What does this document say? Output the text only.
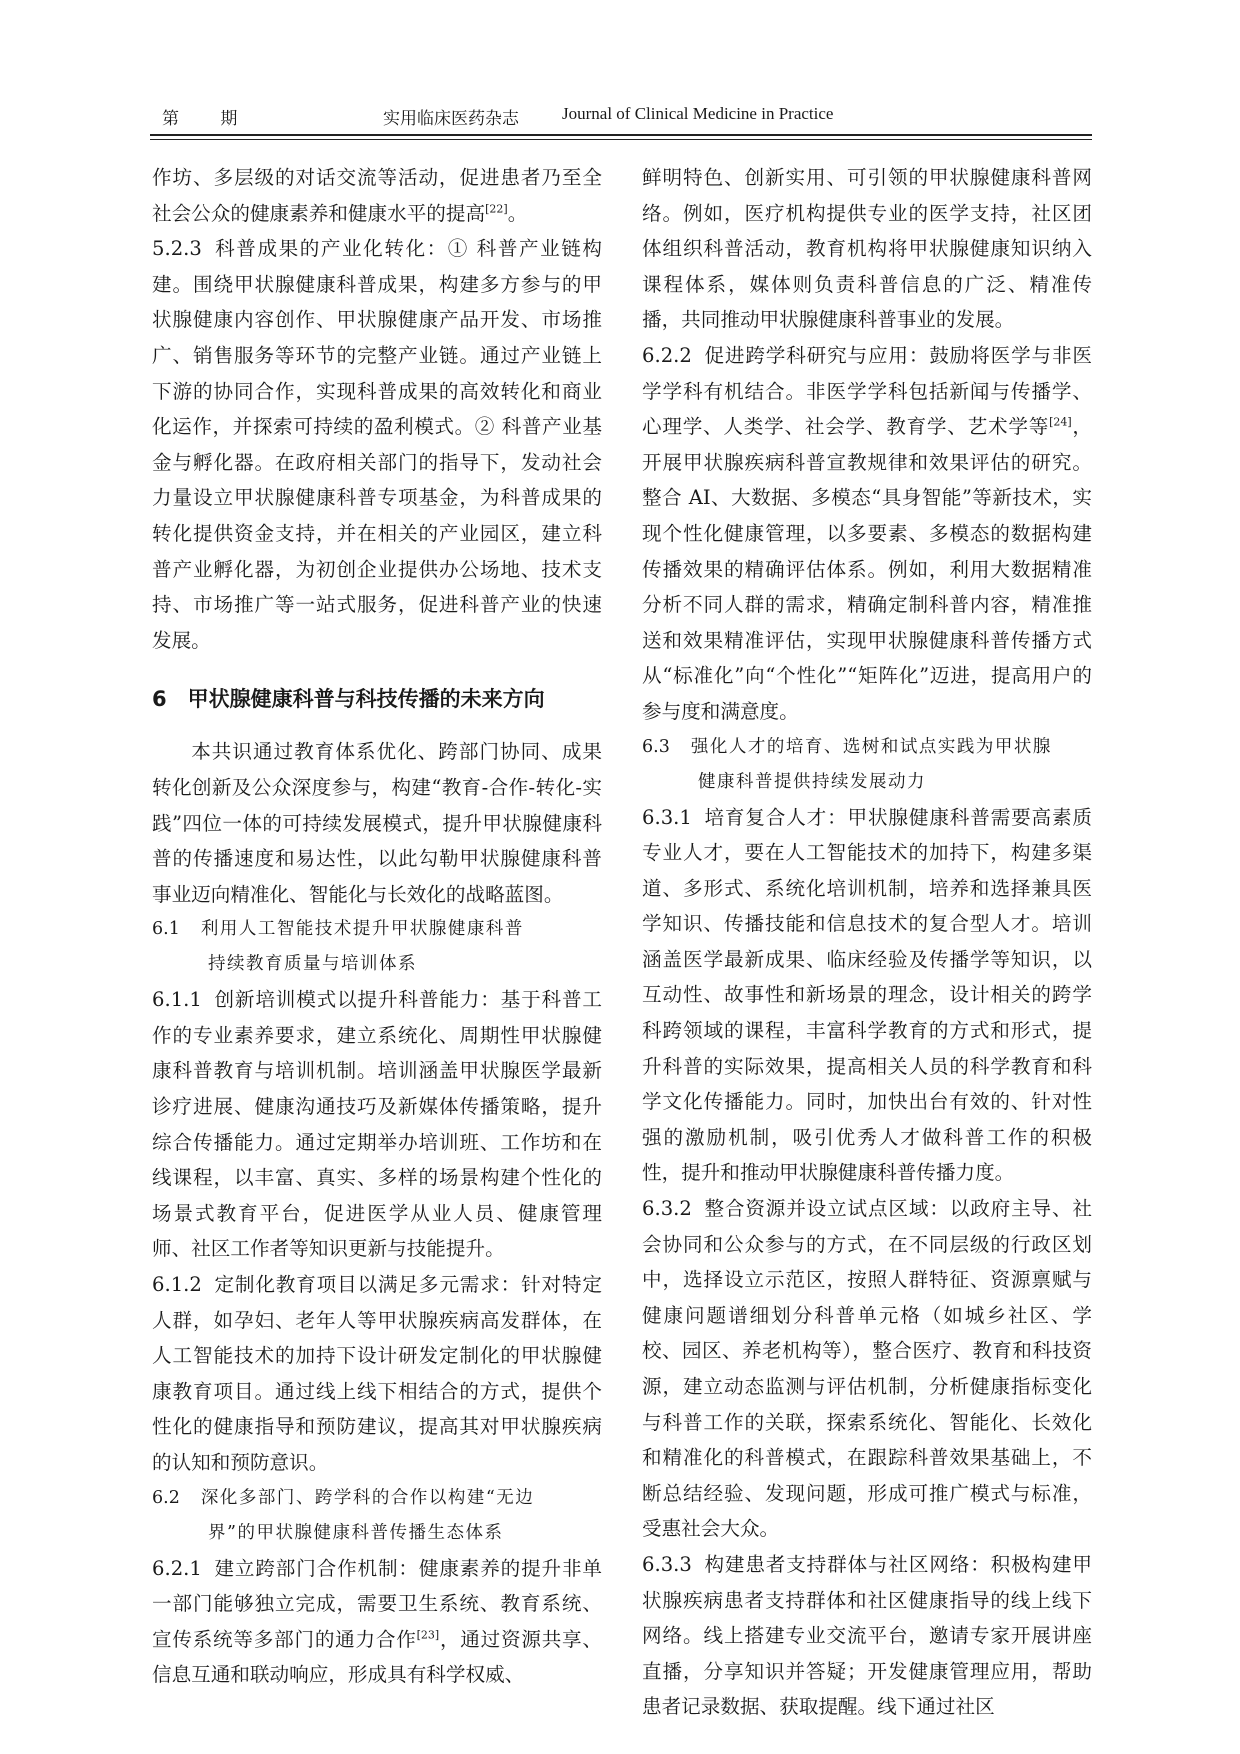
第 期	实用临床医药杂志	Journal of Clinical Medicine in Practice

作坊、多层级的对话交流等活动，促进患者乃至全社会公众的健康素养和健康水平的提高[22]。

5.2.3 科普成果的产业化转化：① 科普产业链构建。围绕甲状腺健康科普成果，构建多方参与的甲状腺健康内容创作、甲状腺健康产品开发、市场推广、销售服务等环节的完整产业链。通过产业链上下游的协同合作，实现科普成果的高效转化和商业化运作，并探索可持续的盈利模式。② 科普产业基金与孵化器。在政府相关部门的指导下，发动社会力量设立甲状腺健康科普专项基金，为科普成果的转化提供资金支持，并在相关的产业园区，建立科普产业孵化器，为初创企业提供办公场地、技术支持、市场推广等一站式服务，促进科普产业的快速发展。

6 甲状腺健康科普与科技传播的未来方向

本共识通过教育体系优化、跨部门协同、成果转化创新及公众深度参与，构建“教育-合作-转化-实践”四位一体的可持续发展模式，提升甲状腺健康科普的传播速度和易达性，以此勾勒甲状腺健康科普事业迈向精准化、智能化与长效化的战略蓝图。

6.1 利用人工智能技术提升甲状腺健康科普
持续教育质量与培训体系

6.1.1 创新培训模式以提升科普能力：基于科普工作的专业素养要求，建立系统化、周期性甲状腺健康科普教育与培训机制。培训涵盖甲状腺医学最新诊疗进展、健康沟通技巧及新媒体传播策略，提升综合传播能力。通过定期举办培训班、工作坊和在线课程，以丰富、真实、多样的场景构建个性化的场景式教育平台，促进医学从业人员、健康管理师、社区工作者等知识更新与技能提升。

6.1.2 定制化教育项目以满足多元需求：针对特定人群，如孕妇、老年人等甲状腺疾病高发群体，在人工智能技术的加持下设计研发定制化的甲状腺健康教育项目。通过线上线下相结合的方式，提供个性化的健康指导和预防建议，提高其对甲状腺疾病的认知和预防意识。

6.2 深化多部门、跨学科的合作以构建“无边
界”的甲状腺健康科普传播生态体系

6.2.1 建立跨部门合作机制：健康素养的提升非单一部门能够独立完成，需要卫生系统、教育系统、宣传系统等多部门的通力合作[23]，通过资源共享、信息互通和联动响应，形成具有科学权威、

鲜明特色、创新实用、可引领的甲状腺健康科普网络。例如，医疗机构提供专业的医学支持，社区团体组织科普活动，教育机构将甲状腺健康知识纳入课程体系，媒体则负责科普信息的广泛、精准传播，共同推动甲状腺健康科普事业的发展。

6.2.2 促进跨学科研究与应用：鼓励将医学与非医学学科有机结合。非医学学科包括新闻与传播学、心理学、人类学、社会学、教育学、艺术学等[24]，开展甲状腺疾病科普宣教规律和效果评估的研究。整合 AI、大数据、多模态“具身智能”等新技术，实现个性化健康管理，以多要素、多模态的数据构建传播效果的精确评估体系。例如，利用大数据精准分析不同人群的需求，精确定制科普内容，精准推送和效果精准评估，实现甲状腺健康科普传播方式从“标准化”向“个性化”“矩阵化”迈进，提高用户的参与度和满意度。

6.3 强化人才的培育、选树和试点实践为甲状腺
健康科普提供持续发展动力

6.3.1 培育复合人才：甲状腺健康科普需要高素质专业人才，要在人工智能技术的加持下，构建多渠道、多形式、系统化培训机制，培养和选择兼具医学知识、传播技能和信息技术的复合型人才。培训涵盖医学最新成果、临床经验及传播学等知识，以互动性、故事性和新场景的理念，设计相关的跨学科跨领域的课程，丰富科学教育的方式和形式，提升科普的实际效果，提高相关人员的科学教育和科学文化传播能力。同时，加快出台有效的、针对性强的激励机制，吸引优秀人才做科普工作的积极性，提升和推动甲状腺健康科普传播力度。

6.3.2 整合资源并设立试点区域：以政府主导、社会协同和公众参与的方式，在不同层级的行政区划中，选择设立示范区，按照人群特征、资源禀赋与健康问题谱细划分科普单元格（如城乡社区、学校、园区、养老机构等），整合医疗、教育和科技资源，建立动态监测与评估机制，分析健康指标变化与科普工作的关联，探索系统化、智能化、长效化和精准化的科普模式，在跟踪科普效果基础上，不断总结经验、发现问题，形成可推广模式与标准，受惠社会大众。

6.3.3 构建患者支持群体与社区网络：积极构建甲状腺疾病患者支持群体和社区健康指导的线上线下网络。线上搭建专业交流平台，邀请专家开展讲座直播，分享知识并答疑；开发健康管理应用，帮助患者记录数据、获取提醒。线下通过社区
